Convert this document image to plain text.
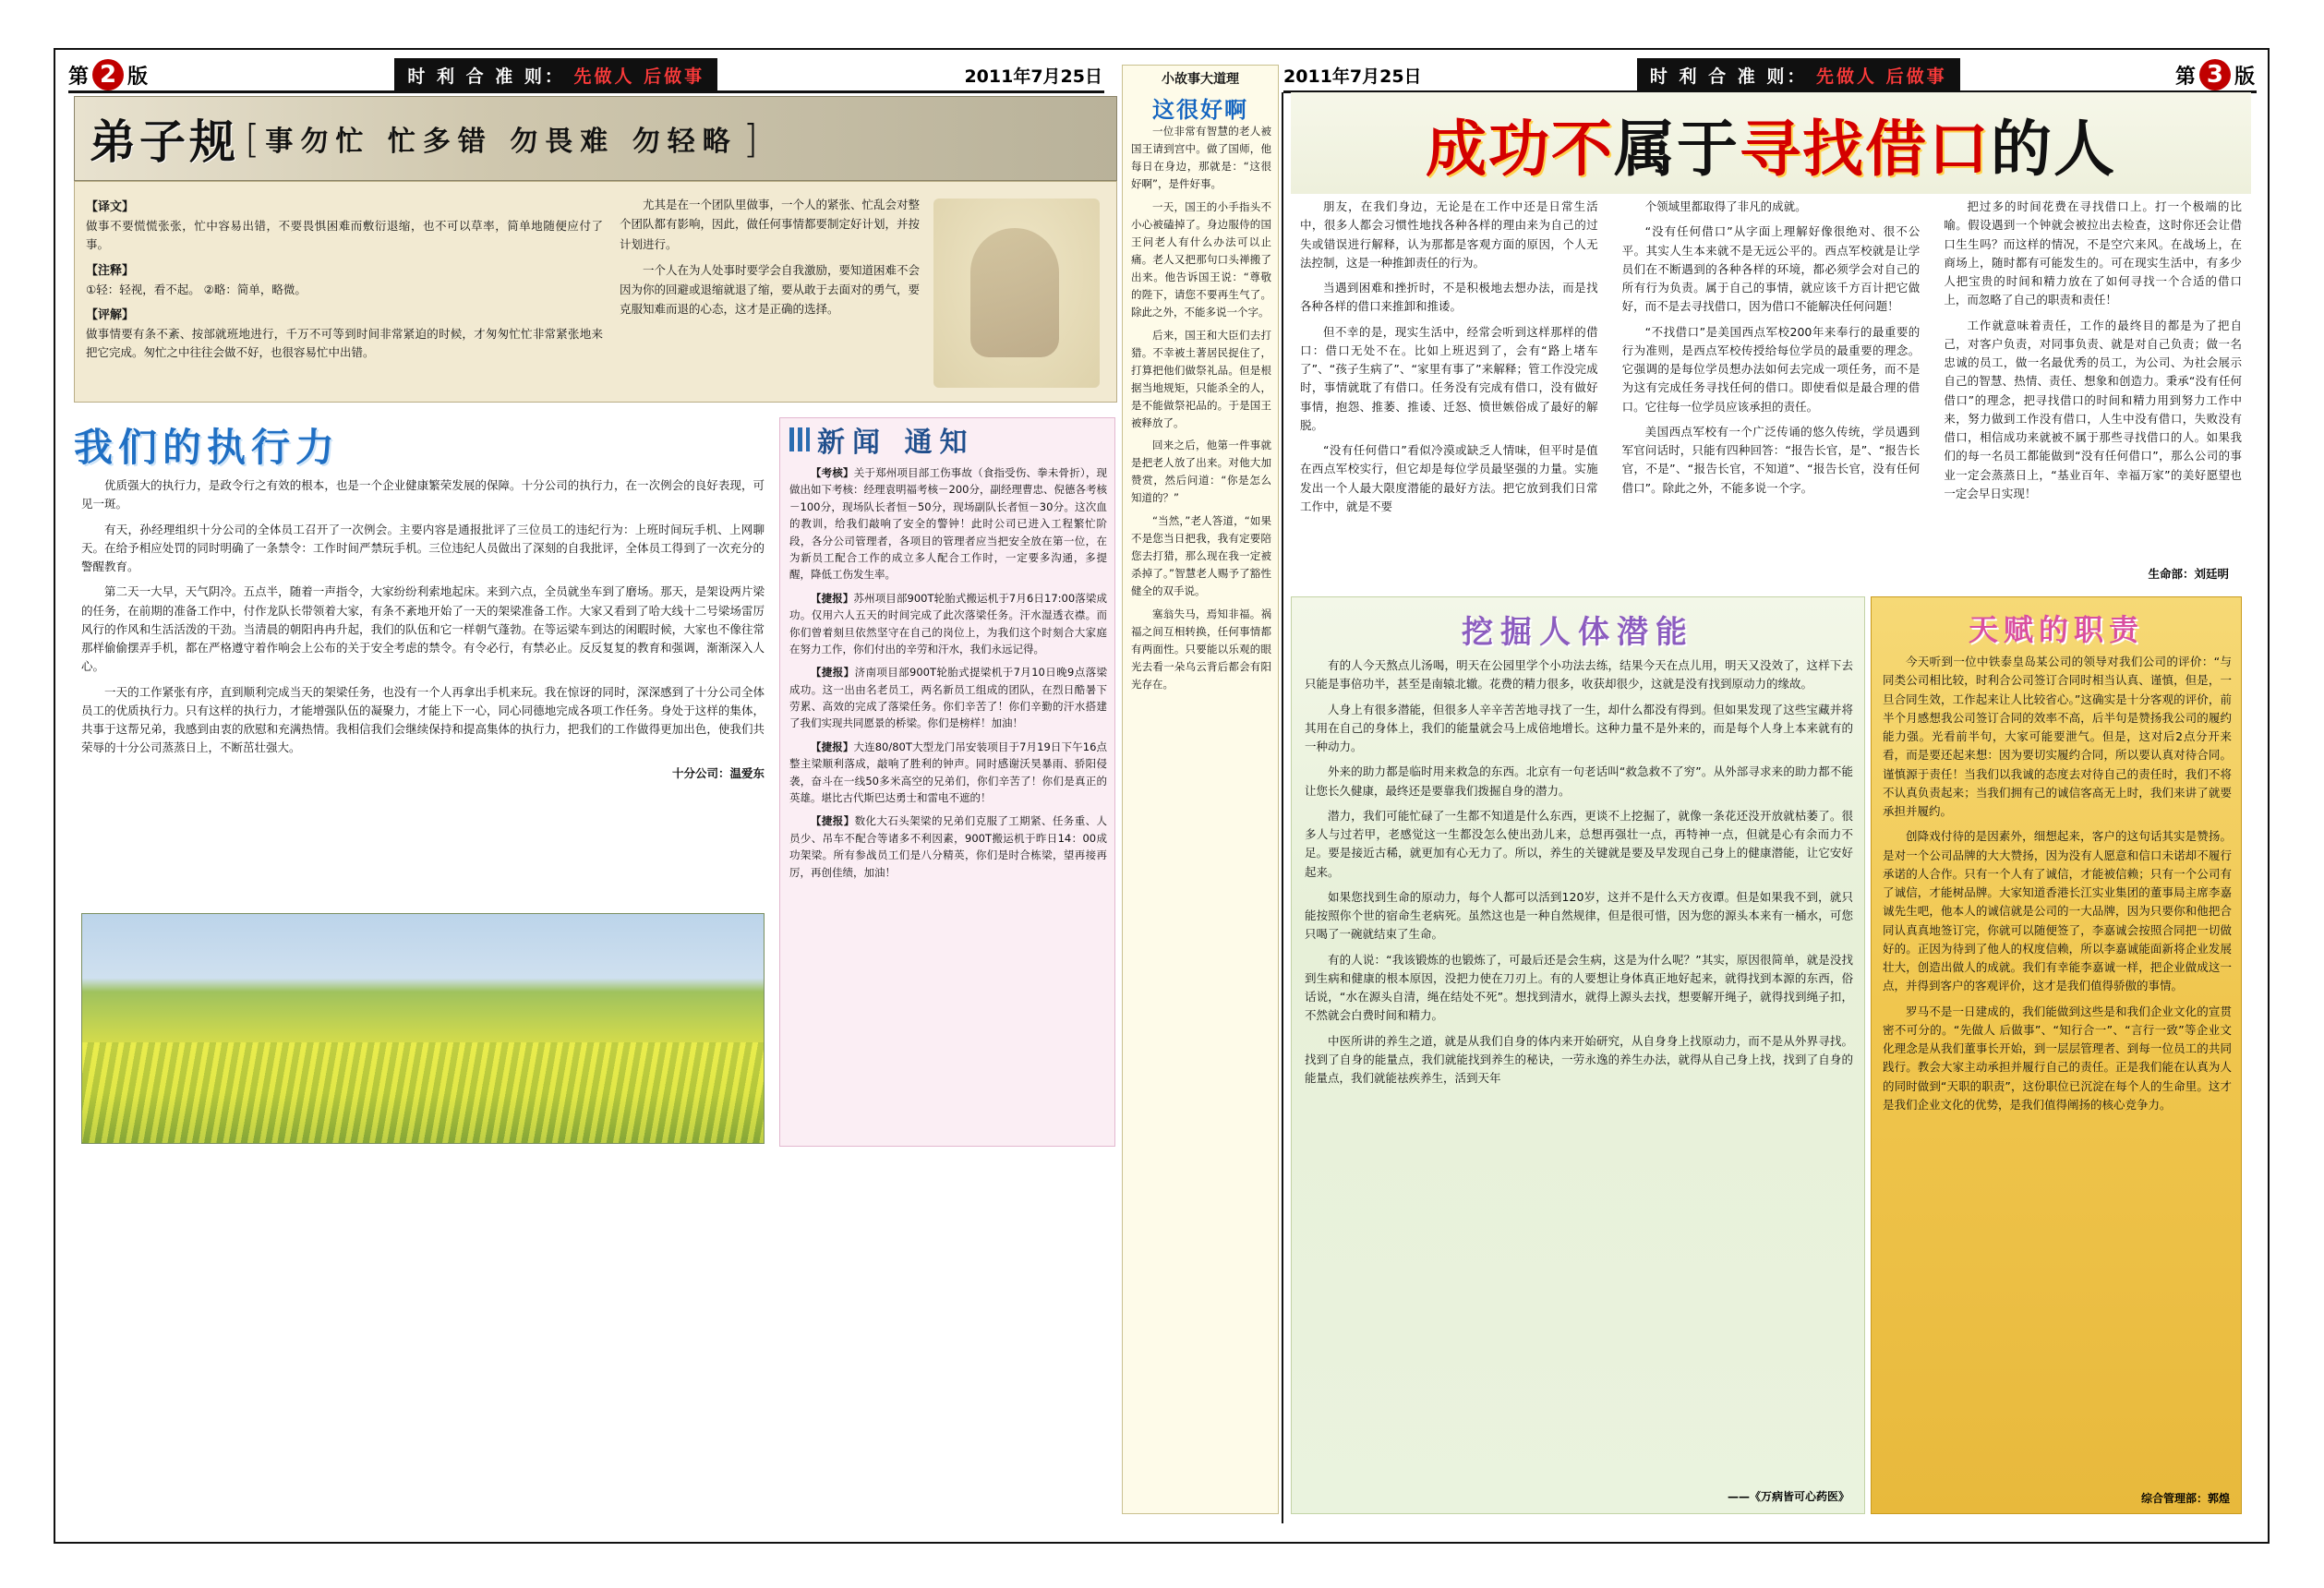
第 2 版	时 利 合 准 则： 先做人 后做事	2011年7月25日	2011年7月25日	时 利 合 准 则： 先做人 后做事	第 3 版
弟子规 [ 事勿忙 忙多错 勿畏难 勿轻略 ]
【译文】
做事不要慌慌张张，忙中容易出错，不要畏惧困难而敷衍退缩，也不可以草率，简单地随便应付了事。
【注释】
①轻：轻视，看不起。 ②略：简单，略微。
【评解】
做事情要有条不紊、按部就班地进行，千万不可等到时间非常紧迫的时候，才匆匆忙忙非常紧张地来把它完成。匆忙之中往往会做不好，也很容易忙中出错。

尤其是在一个团队里做事，一个人的紧张、忙乱会对整个团队都有影响，因此，做任何事情都要制定好计划，并按计划进行。

一个人在为人处事时要学会自我激励，要知道困难不会因为你的回避或退缩就退了缩，要从敢于去面对的勇气，要克服知难而退的心态，这才是正确的选择。

我们的执行力

优质强大的执行力，是政令行之有效的根本，也是一个企业健康繁荣发展的保障。十分公司的执行力，在一次例会的良好表现，可见一斑。

有天，孙经理组织十分公司的全体员工召开了一次例会。主要内容是通报批评了三位员工的违纪行为：上班时间玩手机、上网聊天。在给予相应处罚的同时明确了一条禁令：工作时间严禁玩手机。三位违纪人员做出了深刻的自我批评，全体员工得到了一次充分的警醒教育。

第二天一大早，天气阴冷。五点半，随着一声指令，大家纷纷利索地起床。来到六点，全员就坐车到了磨场。那天，是架设两片梁的任务，在前期的准备工作中，付作龙队长带领着大家，有条不紊地开始了一天的架梁准备工作。大家又看到了哈大线十二号梁场雷厉风行的作风和生活活泼的干劲。当清晨的朝阳冉冉升起，我们的队伍和它一样朝气蓬勃。在等运梁车到达的闲暇时候，大家也不像往常那样偷偷摆弄手机，都在严格遵守着作响会上公布的关于安全考虑的禁令。有令必行，有禁必止。反反复复的教育和强调，渐渐深入人心。

一天的工作紧张有序，直到顺利完成当天的架梁任务，也没有一个人再拿出手机来玩。我在惊讶的同时，深深感到了十分公司全体员工的优质执行力。只有这样的执行力，才能增强队伍的凝聚力，才能上下一心，同心同德地完成各项工作任务。身处于这样的集体，共事于这帮兄弟，我感到由衷的欣慰和充满热情。我相信我们会继续保持和提高集体的执行力，把我们的工作做得更加出色，使我们共荣辱的十分公司蒸蒸日上，不断茁壮强大。

十分公司：温爱东
新闻 通知

【考核】关于郑州项目部工伤事故（食指受伤、拳未骨折），现做出如下考核：经理袁明福考核－200分，副经理曹忠、倪德各考核－100分，现场队长者恒－50分，现场副队长者恒－30分。这次血的教训，给我们敲响了安全的警钟！此时公司已进入工程繁忙阶段，各分公司管理者，各项目的管理者应当把安全放在第一位，在为新员工配合工作的成立多人配合工作时，一定要多沟通，多提醒，降低工伤发生率。

【捷报】苏州项目部900T轮胎式搬运机于7月6日17:00落梁成功。仅用六人五天的时间完成了此次落梁任务。汗水湿透衣襟。而你们曾着刻旦依然坚守在自己的岗位上，为我们这个时刻合大家庭在努力工作，你们付出的辛劳和汗水，我们永远记得。

【捷报】济南项目部900T轮胎式提梁机于7月10日晚9点落梁成功。这一出由名老员工，两名新员工组成的团队，在烈日酷暑下劳累、高效的完成了落梁任务。你们辛苦了！你们辛勤的汗水搭建了我们实现共同愿景的桥梁。你们是榜样！加油！

【捷报】大连80/80T大型龙门吊安装项目于7月19日下午16点整主梁顺利落成，敲响了胜利的钟声。同时感谢沃昊暴雨、骄阳侵袭，奋斗在一线50多米高空的兄弟们，你们辛苦了！你们是真正的英雄。堪比古代斯巴达勇士和雷电不遮的！

【捷报】数化大石头架梁的兄弟们克服了工期紧、任务重、人员少、吊车不配合等诸多不利因素，900T搬运机于昨日14：00成功架梁。所有参战员工们是八分精英，你们是时合栋梁，望再接再厉，再创佳绩，加油！

小故事大道理
这很好啊

一位非常有智慧的老人被国王请到宫中。做了国师，他每日在身边，那就是：“这很好啊”，是件好事。

一天，国王的小手指头不小心被磕掉了。身边服侍的国王问老人有什么办法可以止痛。老人又把那句口头禅搬了出来。他告诉国王说：“尊敬的陛下，请您不要再生气了。除此之外，不能多说一个字。

后来，国王和大臣们去打猎。不幸被土著居民捉住了，打算把他们做祭礼品。但是根据当地规矩，只能杀全的人，是不能做祭祀品的。于是国王被释放了。

回来之后，他第一件事就是把老人放了出来。对他大加赞赏，然后问道：“你是怎么知道的？”

“当然，”老人答道，“如果不是您当日把我，我有定要陪您去打猎，那么现在我一定被杀掉了。”智慧老人赐予了豁性健全的双手说。

塞翁失马，焉知非福。祸福之间互相转换，任何事情都有两面性。只要能以乐观的眼光去看一朵乌云背后都会有阳光存在。

成功不属于寻找借口的人

朋友，在我们身边，无论是在工作中还是日常生活中，很多人都会习惯性地找各种各样的理由来为自己的过失或错误进行解释，认为那都是客观方面的原因，个人无法控制，这是一种推卸责任的行为。

当遇到困难和挫折时，不是积极地去想办法，而是找各种各样的借口来推卸和推诿。

但不幸的是，现实生活中，经常会听到这样那样的借口：借口无处不在。比如上班迟到了，会有“路上堵车了”、“孩子生病了”、“家里有事了”来解释；管工作没完成时，事情就耽了有借口。任务没有完成有借口，没有做好事情，抱怨、推萎、推诿、迁怒、愤世嫉俗成了最好的解脱。

“没有任何借口”看似冷漠或缺乏人情味，但平时是值在西点军校实行，但它却是每位学员最坚强的力量。实施发出一个人最大限度潜能的最好方法。把它放到我们日常工作中，就是不要

个领域里都取得了非凡的成就。

“没有任何借口”从字面上理解好像很绝对、很不公平。其实人生本来就不是无远公平的。西点军校就是让学员们在不断遇到的各种各样的环境，都必须学会对自己的所有行为负责。属于自己的事情，就应该千方百计把它做好，而不是去寻找借口，因为借口不能解决任何问题！

“不找借口”是美国西点军校200年来奉行的最重要的行为准则，是西点军校传授给每位学员的最重要的理念。它强调的是每位学员想办法如何去完成一项任务，而不是为这有完成任务寻找任何的借口。即使看似是最合理的借口。它往每一位学员应该承担的责任。

美国西点军校有一个广泛传诵的悠久传统，学员遇到军官问话时，只能有四种回答：“报告长官，是”、“报告长官，不是”、“报告长官，不知道”、“报告长官，没有任何借口”。除此之外，不能多说一个字。

把过多的时间花费在寻找借口上。打一个极端的比喻。假设遇到一个钟就会被拉出去检查，这时你还会让借口生生吗？而这样的情况，不是空穴来风。在战场上，在商场上，随时都有可能发生的。可在现实生活中，有多少人把宝贵的时间和精力放在了如何寻找一个合适的借口上，而忽略了自己的职责和责任！

工作就意味着责任，工作的最终目的都是为了把自己，对客户负责，对同事负责、就是对自己负责；做一名忠诚的员工，做一名最优秀的员工，为公司、为社会展示自己的智慧、热情、责任、想象和创造力。秉承“没有任何借口”的理念，把寻找借口的时间和精力用到努力工作中来，努力做到工作没有借口，人生中没有借口，失败没有借口，相信成功来就被不属于那些寻找借口的人。如果我们的每一名员工都能做到“没有任何借口”，那么公司的事业一定会蒸蒸日上，“基业百年、幸福万家”的美好愿望也一定会早日实现！

生命部：刘廷明
挖掘人体潜能

有的人今天熬点儿汤喝，明天在公园里学个小功法去练，结果今天在点儿用，明天又没效了，这样下去只能是事倍功半，甚至是南辕北辙。花费的精力很多，收获却很少，这就是没有找到原动力的缘故。

人身上有很多潜能，但很多人辛辛苦苦地寻找了一生，却什么都没有得到。但如果发现了这些宝藏并将其用在自己的身体上，我们的能量就会马上成倍地增长。这种力量不是外来的，而是每个人身上本来就有的一种动力。

外来的助力都是临时用来救急的东西。北京有一句老话叫“救急救不了穷”。从外部寻求来的助力都不能让您长久健康，最终还是要靠我们拨掘自身的潜力。

潜力，我们可能忙碌了一生都不知道是什么东西，更谈不上挖掘了，就像一条花还没开放就枯萎了。很多人与过若甲，老感觉这一生都没怎么使出劲儿来，总想再强壮一点，再特神一点，但就是心有余而力不足。要是接近古稀，就更加有心无力了。所以，养生的关键就是要及早发现自己身上的健康潜能，让它安好起来。

如果您找到生命的原动力，每个人都可以活到120岁，这并不是什么天方夜谭。但是如果我不到，就只能按照你个世的宿命生老病死。虽然这也是一种自然规律，但是很可惜，因为您的源头本来有一桶水，可您只喝了一碗就结束了生命。

有的人说：“我该锻炼的也锻炼了，可最后还是会生病，这是为什么呢？”其实，原因很简单，就是没找到生病和健康的根本原因，没把力使在刀刃上。有的人要想让身体真正地好起来，就得找到本源的东西，俗话说，“水在源头自清，绳在结处不死”。想找到清水，就得上源头去找，想要解开绳子，就得找到绳子扣，不然就会白费时间和精力。

中医所讲的养生之道，就是从我们自身的体内来开始研究，从自身身上找原动力，而不是从外界寻找。找到了自身的能量点，我们就能找到养生的秘诀，一劳永逸的养生办法，就得从自己身上找，找到了自身的能量点，我们就能祛疾养生，活到天年

——《万病皆可心药医》
天赋的职责

今天听到一位中铁泰皇岛某公司的领导对我们公司的评价：“与同类公司相比较，时利合公司签订合同时相当认真、谨慎，但是，一旦合同生效，工作起来让人比较省心。”这确实是十分客观的评价，前半个月感想我公司签订合同的效率不高，后半句是赞扬我公司的履约能力强。光看前半句，大家可能要泄气。但是，这对后2点分开来看，而是要还起来想：因为要切实履约合同，所以要认真对待合同。谨慎源于责任！当我们以我诚的态度去对待自己的责任时，我们不将不认真负责起来；当我们拥有己的诚信客高无上时，我们来讲了就要承担并履约。

创降戏付待的是因素外，细想起来，客户的这句话其实是赞扬。是对一个公司品牌的大大赞扬，因为没有人愿意和信口未诺却不履行承诺的人合作。只有一个人有了诚信，才能被信赖；只有一个公司有了诚信，才能树品牌。大家知道香港长江实业集团的董事局主席李嘉诚先生吧，他本人的诚信就是公司的一大品牌，因为只要你和他把合同认真真地签订完，你就可以随便签了，李嘉诚会按照合同把一切做好的。正因为待到了他人的权度信赖，所以李嘉诚能面新将企业发展壮大，创造出做人的成就。我们有幸能李嘉诚一样，把企业做成这一点，并得到客户的客观评价，这才是我们值得骄傲的事情。

罗马不是一日建成的，我们能做到这些是和我们企业文化的宣贯密不可分的。“先做人 后做事”、“知行合一”、“言行一致”等企业文化理念是从我们董事长开始，到一层层管理者、到每一位员工的共同践行。教会大家主动承担并履行自己的责任。正是我们能在认真为人的同时做到“天职的职责”，这份职位已沉淀在每个人的生命里。这才是我们企业文化的优势，是我们值得阐扬的核心竞争力。

综合管理部：郭煌
